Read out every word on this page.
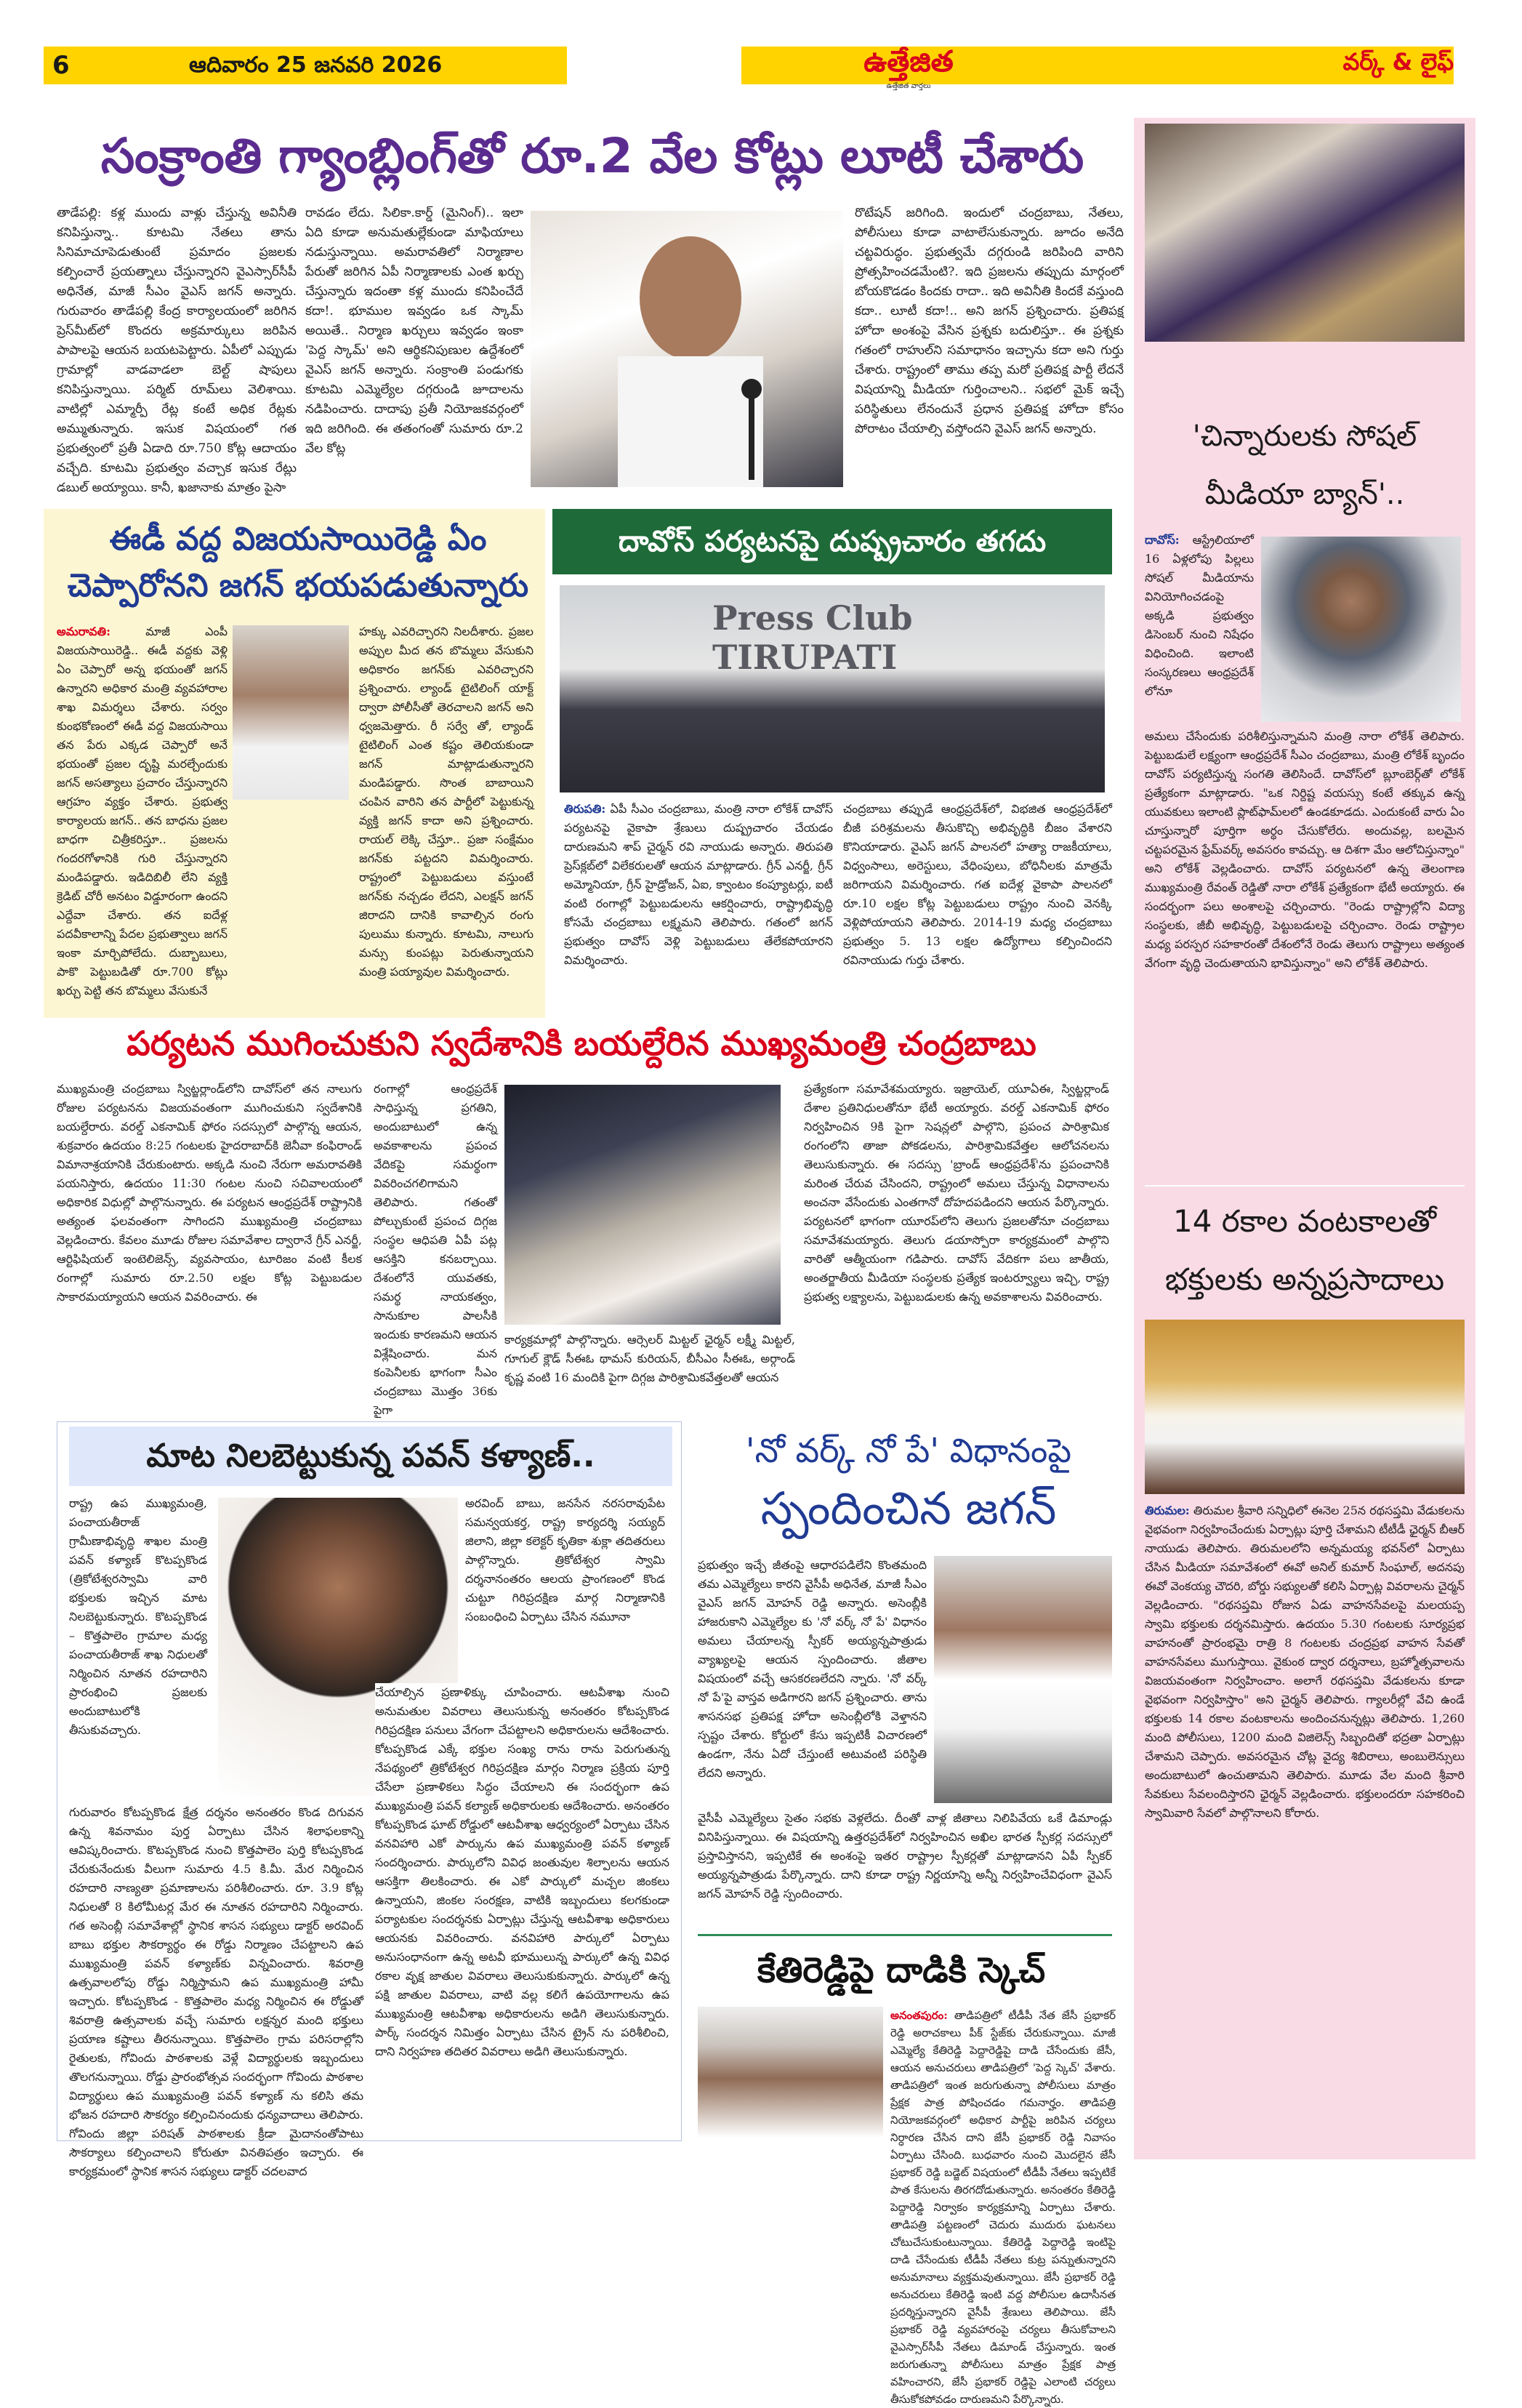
6	ఆదివారం 25 జనవరి 2026	ఉత్తేజిత
ఉత్తేజిత వార్తలు
వర్క్ & లైఫ్
సంక్రాంతి గ్యాంబ్లింగ్‌తో రూ.2 వేల కోట్లు లూటీ చేశారు
తాడేపల్లి: కళ్ల ముందు వాళ్లు చేస్తున్న అవినీతి కనిపిస్తున్నా.. కూటమి నేతలు తాను సినిమాచూపెడుతుంటే ప్రమాదం ప్రజలకు కల్పించారే ప్రయత్నాలు చేస్తున్నారని వైఎస్సార్‌సీపీ అధినేత, మాజీ సీఎం వైఎస్ జగన్ అన్నారు. గురువారం తాడేపల్లి కేంద్ర కార్యాలయంలో జరిగిన ప్రెస్‌మీట్‌లో కొందరు అక్రమార్కులు జరిపిన పాపాలపై ఆయన బయటపెట్టారు. ఏపీలో ఎప్పుడు గ్రామాల్లో వాడవాడలా బెల్ట్ షాపులు కనిపిస్తున్నాయి. పర్మిట్ రూమ్‌లు వెలిశాయి. వాటిల్లో ఎమ్మార్పీ రేట్ల కంటే అధిక రేట్లకు అమ్ముతున్నారు. ఇసుక విషయంలో గత ప్రభుత్వంలో ప్రతీ ఏడాది రూ.750 కోట్ల ఆదాయం వచ్చేది. కూటమి ప్రభుత్వం వచ్చాక ఇసుక రేట్లు డబుల్ అయ్యాయి. కానీ, ఖజానాకు మాత్రం పైసా
రావడం లేదు. సిలికా.కార్డ్ (మైనింగ్).. ఇలా ఏది కూడా అనుమతుల్లేకుండా మాఫియాలు నడుస్తున్నాయి. అమరావతిలో నిర్మాణాల పేరుతో జరిగిన ఏపీ నిర్మాణాలకు ఎంత ఖర్చు చేస్తున్నారు ఇదంతా కళ్ల ముందు కనిపించేదే కదా!. భూముల ఇవ్వడం ఒక స్కామ్ అయితే.. నిర్మాణ ఖర్చులు ఇవ్వడం ఇంకా 'పెద్ద స్కామ్' అని ఆర్థికనిపుణుల ఉద్దేశంలో వైఎస్ జగన్ అన్నారు. సంక్రాంతి పండుగకు కూటమి ఎమ్మెల్యేల దగ్గరుండి జూదాలను నడిపించారు. దాదాపు ప్రతీ నియోజకవర్గంలో ఇది జరిగింది. ఈ తతంగంతో సుమారు రూ.2 వేల కోట్ల
రొటేషన్ జరిగింది. ఇందులో చంద్రబాబు, నేతలు, పోలీసులు కూడా వాటాలేసుకున్నారు. జూదం అనేది చట్టవిరుద్ధం. ప్రభుత్వమే దగ్గరుండి జరిపింది వారిని ప్రోత్సహించడమేంటి?. ఇది ప్రజలను తప్పుదు మార్గంలో బోయకొడడం కిందకు రాదా.. ఇది అవినీతి కిందకే వస్తుంది కదా.. లూటీ కదా!.. అని జగన్ ప్రశ్నించారు. ప్రతిపక్ష హోదా అంశంపై వేసిన ప్రశ్నకు బదులిస్తూ.. ఈ ప్రశ్నకు గతంలో రాహుల్‌ని సమాధానం ఇచ్చాను కదా అని గుర్తు చేశారు. రాష్ట్రంలో తాము తప్ప మరో ప్రతిపక్ష పార్టీ లేదనే విషయాన్ని మీడియా గుర్తించాలని.. సభలో మైక్ ఇచ్చే పరిస్థితులు లేనందునే ప్రధాన ప్రతిపక్ష హోదా కోసం పోరాటం చేయాల్సి వస్తోందని వైఎస్ జగన్ అన్నారు.
ఈడీ వద్ద విజయసాయిరెడ్డి ఏం చెప్పారోనని జగన్ భయపడుతున్నారు
అమరావతి:	మాజీ ఎంపీ విజయసాయిరెడ్డి.. ఈడీ వద్దకు వెళ్లి ఏం చెప్పారో అన్న భయంతో జగన్ ఉన్నారని అధికార మంత్రి వ్యవహారాల శాఖ విమర్శలు చేశారు. సర్వం కుంభకోణంలో ఈడీ వద్ద విజయసాయి తన పేరు ఎక్కడ చెప్పారో అనే భయంతో ప్రజల దృష్టి మరల్చేందుకు జగన్ అసత్యాలు ప్రచారం చేస్తున్నారని ఆగ్రహం వ్యక్తం చేశారు. ప్రభుత్వ కార్యాలయ జగన్.. తన బాధను ప్రజల బాధగా చిత్రీకరిస్తూ.. ప్రజలను గందరగోళానికి గురి చేస్తున్నారని మండిపడ్డారు. ఇడిదిబిలీ లేని వ్యక్తి క్రెడిట్ చోరీ అనటం విడ్డూరంగా ఉందని ఎద్దేవా చేశారు. తన ఐదేళ్ల పదవీకాలాన్ని పేదల ప్రభుత్వాలు జగన్ ఇంకా మార్చిపోలేదు. దుబ్బాబులు, పాకొ పెట్టుబడితో రూ.700 కోట్లు ఖర్చు పెట్టి తన బొమ్మలు వేసుకునే
హక్కు ఎవరిచ్చారని నిలదీశారు. ప్రజల అప్పుల మీద తన బొమ్మలు వేసుకుని అధికారం జగన్‌కు ఎవరిచ్చారని ప్రశ్నించారు. ల్యాండ్ టైటిలింగ్ యాక్ట్ ద్వారా పోలీసీతో తెరచాలని జగన్ అని ధ్వజమెత్తారు. రీ సర్వే తో, ల్యాండ్ టైటిలింగ్ ఎంత కష్టం తెలియకుండా జగన్ మాట్లాడుతున్నారని మండిపడ్డారు. సొంత బాబాయిని చంపిన వారిని తన పార్టీలో పెట్టుకున్న వ్యక్తి జగన్ కాదా అని ప్రశ్నించారు. రాయల్ లెక్కి చేస్తూ.. ప్రజా సంక్షేమం జగన్‌కు పట్టదని విమర్శించారు. రాష్ట్రంలో పెట్టుబడులు వస్తుంటే జగన్‌కు నచ్చడం లేదని, ఎలక్షన్ జగన్ జిరాదని దానికి కావాల్సిన రంగు పులుము కున్నారు. కూటమి, నాలుగు మన్సు కుంపట్లు పెరుతున్నాయని మంత్రి పయ్యావుల విమర్శించారు.
దావోస్ పర్యటనపై దుష్ప్రచారం తగదు
Press Club TIRUPATI
తిరుపతి: ఏపీ సీఎం చంద్రబాబు, మంత్రి నారా లోకేశ్ దావోస్ పర్యటనపై వైకాపా శ్రేణులు దుష్ప్రచారం చేయడం దారుణమని శాప్ చైర్మన్ రవి నాయుడు అన్నారు. తిరుపతి ప్రెస్‌క్లబ్‌లో విలేకరులతో ఆయన మాట్లాడారు. గ్రీన్ ఎనర్జీ, గ్రీన్ అమ్మోనియా, గ్రీన్ హైడ్రోజన్, ఏఐ, క్వాంటం కంప్యూటర్లు, ఐటీ వంటి రంగాల్లో పెట్టుబడులను ఆకర్షించారు, రాష్ట్రాభివృద్ధి కోసమే చంద్రబాబు లక్ష్మమని తెలిపారు. గతంలో జగన్ ప్రభుత్వం దావోస్ వెళ్లి పెట్టుబడులు తేలేకపోయారని విమర్శించారు.
చంద్రబాబు తప్పుడే ఆంధ్రప్రదేశ్‌లో, విభజిత ఆంధ్రప్రదేశ్‌లో బీజీ పరిశ్రమలను తీసుకొచ్చి అభివృద్ధికి బీజం వేశారని కొనియాడారు. వైఎస్ జగన్ పాలనలో హత్యా రాజకీయాలు, విధ్వంసాలు, అరెస్టులు, వేధింపులు, బోధినీలకు మాత్రమే జరిగాయని విమర్శించారు. గత ఐదేళ్ల వైకాపా పాలనలో రూ.10 లక్షల కోట్ల పెట్టుబడులు రాష్ట్రం నుంచి వెనక్కి వెళ్లిపోయాయని తెలిపారు. 2014-19 మధ్య చంద్రబాబు ప్రభుత్వం 5. 13 లక్షల ఉద్యోగాలు కల్పించిందని రవినాయుడు గుర్తు చేశారు.
పర్యటన ముగించుకుని స్వదేశానికి బయల్దేరిన ముఖ్యమంత్రి చంద్రబాబు
ముఖ్యమంత్రి చంద్రబాబు స్విట్జర్లాండ్‌లోని దావోస్‌లో తన నాలుగు రోజుల పర్యటనను విజయవంతంగా ముగించుకుని స్వదేశానికి బయల్దేరారు. వరల్డ్ ఎకనామిక్ ఫోరం సదస్సులో పాల్గొన్న ఆయన, శుక్రవారం ఉదయం 8:25 గంటలకు హైదరాబాద్‌కి జెనీవా కంఫిరాండ్ విమానాశ్రయానికి చేరుకుంటారు. అక్కడి నుంచి నేరుగా అమరావతికి పయనిస్తారు, ఉదయం 11:30 గంటల నుంచి సచివాలయంలో అధికారిక విధుల్లో పాల్గొనున్నారు. ఈ పర్యటన ఆంధ్రప్రదేశ్ రాష్ట్రానికి అత్యంత ఫలవంతంగా సాగిందని ముఖ్యమంత్రి చంద్రబాబు వెల్లడించారు. కేవలం మూడు రోజుల సమావేశాల ద్వారానే గ్రీన్ ఎనర్జీ, ఆర్టిఫిషియల్ ఇంటెలిజెన్స్, వ్యవసాయం, టూరిజం వంటి కీలక రంగాల్లో సుమారు రూ.2.50 లక్షల కోట్ల పెట్టుబడుల సాకారమయ్యాయని ఆయన వివరించారు. ఈ
రంగాల్లో ఆంధ్రప్రదేశ్ సాధిస్తున్న ప్రగతిని, అందుబాటులో ఉన్న అవకాశాలను ప్రపంచ వేదికపై సమర్థంగా వివరించగలిగామని తెలిపారు. గతంతో పోల్చుకుంటే ప్రపంచ దిగ్గజ సంస్థల ఆధిపతి ఏపీ పట్ల ఆసక్తిని కనబర్చాయి. దేశంలోనే యువతకు, సమర్థ నాయకత్వం, సానుకూల పాలసీకి ఇందుకు కారణమని ఆయన విశ్లేషించారు. మన కంపెనీలకు భాగంగా సీఎం చంద్రబాబు మొత్తం 36కు పైగా
కార్యక్రమాల్లో పాల్గొన్నారు. ఆర్సెలర్ మిట్టల్ ఛైర్మన్ లక్ష్మీ మిట్టల్, గూగుల్ క్లౌడ్ సీఈఓ థామస్ కురియన్, బీసీఎం సీఈఓ, అర్గాండ్ కృష్ణ వంటి 16 మందికి పైగా దిగ్గజ పారిశ్రామికవేత్తలతో ఆయన
ప్రత్యేకంగా సమావేశమయ్యారు. ఇజ్రాయెల్, యూఏఈ, స్విట్జర్లాండ్ దేశాల ప్రతినిధులతోనూ భేటీ అయ్యారు. వరల్డ్ ఎకనామిక్ ఫోరం నిర్వహించిన 9కి పైగా సెషన్లలో పాల్గొని, ప్రపంచ పారిశ్రామిక రంగంలోని తాజా పోకడలను, పారిశ్రామికవేత్తల ఆలోచనలను తెలుసుకున్నారు. ఈ సదస్సు 'బ్రాండ్ ఆంధ్రప్రదేశ్'ను ప్రపంచానికి మరింత చేరువ చేసిందని, రాష్ట్రంలో అమలు చేస్తున్న విధానాలను అంచనా వేసేందుకు ఎంతగానో దోహదపడిందని ఆయన పేర్కొన్నారు. పర్యటనలో భాగంగా యూరప్‌లోని తెలుగు ప్రజలతోనూ చంద్రబాబు సమావేశమయ్యారు. తెలుగు డయాస్పోరా కార్యక్రమంలో పాల్గొని వారితో ఆత్మీయంగా గడిపారు. దావోస్ వేదికగా పలు జాతీయ, అంతర్జాతీయ మీడియా సంస్థలకు ప్రత్యేక ఇంటర్వ్యూలు ఇచ్చి, రాష్ట్ర ప్రభుత్వ లక్ష్యాలను, పెట్టుబడులకు ఉన్న అవకాశాలను వివరించారు.
మాట నిలబెట్టుకున్న పవన్ కళ్యాణ్..
రాష్ట్ర ఉప ముఖ్యమంత్రి, పంచాయతీరాజ్ గ్రామీణాభివృద్ధి శాఖల మంత్రి పవన్ కళ్యాణ్ కొటప్పకొండ (త్రికోటేశ్వరస్వామి వారి భక్తులకు ఇచ్చిన మాట నిలబెట్టుకున్నారు. కొటప్పకొండ – కొత్తపాలెం గ్రామాల మధ్య పంచాయతీరాజ్ శాఖ నిధులతో నిర్మించిన నూతన రహదారిని ప్రారంభించి ప్రజలకు అందుబాటులోకి తీసుకువచ్చారు.
అరవింద్ బాబు, జనసేన నరసరావుపేట సమన్వయకర్త, రాష్ట్ర కార్యదర్శి సయ్యద్ జిలాని, జిల్లా కలెక్టర్ కృతికా శుక్లా తదితరులు పాల్గొన్నారు. త్రికోటేశ్వర స్వామి దర్శనానంతరం ఆలయ ప్రాంగణంలో కొండ చుట్టూ గిరిప్రదక్షిణ మార్గ నిర్మాణానికి సంబంధించి ఏర్పాటు చేసిన నమూనా
గురువారం కోటప్పకొండ క్షేత్ర దర్శనం అనంతరం కొండ దిగువన ఉన్న శివనామం పుర్త ఏర్పాటు చేసిన శిలాఫలకాన్ని ఆవిష్కరించారు. కొటప్పకొండ నుంచి కొత్తపాలెం పుర్తి కోటప్పకొండ చేరుకునేందుకు వీలుగా సుమారు 4.5 కి.మీ. మేర నిర్మించిన రహదారి నాణ్యతా ప్రమాణాలను పరిశీలించారు. రూ. 3.9 కోట్ల నిధులతో 8 కిలోమీటర్ల మేర ఈ నూతన రహదారిని నిర్మించారు. గత అసెంబ్లీ సమావేశాల్లో స్థానిక శాసన సభ్యులు డాక్టర్ అరవింద్ బాబు భక్తుల సౌకర్యార్థం ఈ రోడ్డు నిర్మాణం చేపట్టాలని ఉప ముఖ్యమంత్రి పవన్ కళ్యాణ్‌కు విన్నవించారు. శివరాత్రి ఉత్సవాలలోపు రోడ్డు నిర్మిస్తామని ఉప ముఖ్యమంత్రి హామీ ఇచ్చారు. కోటప్పకొండ - కొత్తపాలెం మధ్య నిర్మించిన ఈ రోడ్డుతో శివరాత్రి ఉత్సవాలకు వచ్చే సుమారు లక్షన్నర మంది భక్తులు ప్రయాణ కష్టాలు తీరనున్నాయి. కొత్తపాలెం గ్రామ పరిసరాల్లోని రైతులకు, గోవిందు పాఠశాలకు వెళ్లే విద్యార్థులకు ఇబ్బందులు తొలగనున్నాయి. రోడ్డు ప్రారంభోత్సవ సందర్భంగా గోవిందు పాఠశాల విద్యార్థులు ఉప ముఖ్యమంత్రి పవన్ కళ్యాణ్ ను కలిసి తమ భోజన రహదారి సౌకర్యం కల్పించినందుకు ధన్యవాదాలు తెలిపారు. గోవిందు జిల్లా పరిషత్ పాఠశాలకు క్రీడా మైదానంతోపాటు సౌకర్యాలు కల్పించాలని కోరుతూ వినతిపత్రం ఇచ్చారు. ఈ కార్యక్రమంలో స్థానిక శాసన సభ్యులు డాక్టర్ చదలవాద
చేయాల్సిన ప్రణాళిక్కు చూపించారు. ఆటవీశాఖ నుంచి అనుమతుల వివరాలు తెలుసుకున్న అనంతరం కోటప్పకొండ గిరిప్రదక్షిణ పనులు వేగంగా చేపట్టాలని అధికారులను ఆదేశించారు. కోటప్పకొండ ఎక్కే భక్తుల సంఖ్య రాను రాను పెరుగుతున్న నేపథ్యంలో త్రికోటేశ్వర గిరిప్రదక్షిణ మార్గం నిర్మాణ ప్రక్రియ పూర్తి చేసేలా ప్రణాళికలు సిద్ధం చేయాలని ఈ సందర్భంగా ఉప ముఖ్యమంత్రి పవన్ కల్యాణ్ అధికారులకు ఆదేశించారు. అనంతరం కోటప్పకొండ ఘాట్ రోడ్డులో ఆటవీశాఖ ఆధ్వర్యంలో ఏర్పాటు చేసిన వనవిహారి ఎకో పార్కును ఉప ముఖ్యమంత్రి పవన్ కళ్యాణ్ సందర్శించారు. పార్కులోని వివిధ జంతువుల శిల్పాలను ఆయన ఆసక్తిగా తిలకించారు. ఈ ఎకో పార్కులో మచ్చల జింకలు ఉన్నాయని, జింకల సంరక్షణ, వాటికి ఇబ్బందులు కలగకుండా పర్యాటకుల సందర్శనకు ఏర్పాట్లు చేస్తున్న ఆటవీశాఖ అధికారులు ఆయనకు వివరించారు. వనవిహారి పార్కులో ఏర్పాటు అనుసంధానంగా ఉన్న అటవీ భూములున్న పార్కులో ఉన్న వివిధ రకాల వృక్ష జాతుల వివరాలు తెలుసుకుకున్నారు. పార్కులో ఉన్న పక్షి జాతుల వివరాలు, వాటి వల్ల కలిగే ఉపయోగాలను ఉప ముఖ్యమంత్రి ఆటవీశాఖ అధికారులను అడిగి తెలుసుకున్నారు. పార్క్ సందర్శన నిమిత్తం ఏర్పాటు చేసిన ట్రైన్ ను పరిశీలించి, దాని నిర్వహణ తదితర వివరాలు అడిగి తెలుసుకున్నారు.
'నో వర్క్ నో పే' విధానంపై
స్పందించిన జగన్
ప్రభుత్వం ఇచ్చే జీతంపై ఆధారపడిలేని కొంతమంది తమ ఎమ్మెల్యేలు కారని వైసీపీ అధినేత, మాజీ సీఎం వైఎస్ జగన్ మోహన్ రెడ్డి అన్నారు. అసెంబ్లీకి హాజరుకాని ఎమ్మెల్యేల కు 'నో వర్క్ నో పే' విధానం అమలు చేయాలన్న స్పీకర్ అయ్యన్నపాత్రుడు వ్యాఖ్యలపై ఆయన స్పందించారు. జీతాల విషయంలో వచ్చే ఆసకరణలేదని న్నారు. 'నో వర్క్ నో పే'పై వాస్తవ అడిగారని జగన్ ప్రశ్నించారు. తాను శాసనసభ ప్రతిపక్ష హోదా అసెంబ్లీలోకి వెళ్తానని స్పష్టం చేశారు. కోర్టులో కేసు ఇప్పటికీ విచారణలో ఉండగా, నేను ఏదో చేస్తుంటే అటువంటి పరిస్థితి లేదని అన్నారు.
వైసీపీ ఎమ్మెల్యేలు సైతం సభకు వెళ్లలేదు. దీంతో వాళ్ల జీతాలు నిలిపివేయ ఒకే డిమాండ్లు వినిపిస్తున్నాయి. ఈ విషయాన్ని ఉత్తరప్రదేశ్‌లో నిర్వహించిన అఖిల భారత స్పీకర్ల సదస్సులో ప్రస్తావిస్తానని, ఇప్పటికే ఈ అంశంపై ఇతర రాష్ట్రాల స్పీకర్లతో మాట్లాడానని ఏపీ స్పీకర్ అయ్యన్నపాత్రుడు పేర్కొన్నారు. దాని కూడా రాష్ట్ర నిర్ణయాన్ని అన్నీ నిర్వహించేవిధంగా వైఎస్ జగన్ మోహన్ రెడ్డి స్పందించారు.
కేతిరెడ్డిపై దాడికి స్కెచ్
అనంతపురం: తాడిపత్రిలో టీడీపీ నేత జేసీ ప్రభాకర్ రెడ్డి అరాచకాలు పీక్ స్టేజ్‌కు చేరుకున్నాయి. మాజీ ఎమ్మెల్యే కేతిరెడ్డి పెద్దారెడ్డిపై దాడి చేసేందుకు జేసీ, ఆయన అనుచరులు తాడిపత్రిలో 'పెద్ద స్కెచ్' వేశారు. తాడిపత్రిలో ఇంత జరుగుతున్నా పోలీసులు మాత్రం ప్రేక్షక పాత్ర పోషించడం గమనార్హం. తాడిపత్రి నియోజకవర్గంలో అధికార పార్టీపై జరిపిన చర్యలు నిర్ధారణ చేసిన దాని జేసీ ప్రభాకర్ రెడ్డి నివాసం ఏర్పాటు చేసింది. బుధవారం నుంచి మొదలైన జేసీ ప్రభాకర్ రెడ్డి బడ్జెట్ విషయంలో టీడీపీ నేతలు ఇప్పటికే పాత కేసులను తిరగదోడుతున్నారు. అనంతరం కేతిరెడ్డి పెద్దారెడ్డి నిర్వాకం కార్యక్రమాన్ని ఏర్పాటు చేశారు. తాడిపత్రి పట్టణంలో చెదురు ముదురు ఘటనలు చోటుచేసుకుంటున్నాయి. కేతిరెడ్డి పెద్దారెడ్డి ఇంటిపై దాడి చేసేందుకు టీడీపీ నేతలు కుట్ర పన్నుతున్నారని అనుమానాలు వ్యక్తమవుతున్నాయి. జేసీ ప్రభాకర్ రెడ్డి అనుచరులు కేతిరెడ్డి ఇంటి వద్ద పోలీసుల ఉదాసీనత ప్రదర్శిస్తున్నారని వైసీపీ శ్రేణులు తెలిపాయి. జేసీ ప్రభాకర్ రెడ్డి వ్యవహారంపై చర్యలు తీసుకోవాలని వైఎస్సార్‌సీపీ నేతలు డిమాండ్ చేస్తున్నారు. ఇంత జరుగుతున్నా పోలీసులు మాత్రం ప్రేక్షక పాత్ర వహించారని, జేసీ ప్రభాకర్ రెడ్డిపై ఎలాంటి చర్యలు తీసుకోకపోవడం దారుణమని పేర్కొన్నారు.
'చిన్నారులకు సోషల్
మీడియా బ్యాన్'..
దావోస్: ఆస్ట్రేలియాలో 16 ఏళ్లలోపు పిల్లలు సోషల్ మీడియాను వినియోగించడంపై అక్కడి ప్రభుత్వం డిసెంబర్ నుంచి నిషేధం విధించింది. ఇలాంటి సంస్కరణలు ఆంధ్రప్రదేశ్ లోనూ
అమలు చేసేందుకు పరిశీలిస్తున్నామని మంత్రి నారా లోకేశ్ తెలిపారు. పెట్టుబడులే లక్ష్యంగా ఆంధ్రప్రదేశ్ సీఎం చంద్రబాబు, మంత్రి లోకేశ్ బృందం దావోస్ పర్యటిస్తున్న సంగతి తెలిసిందే. దావోస్‌లో బ్లూంబెర్గ్‌తో లోకేశ్ ప్రత్యేకంగా మాట్లాడారు. "ఒక నిర్దిష్ట వయస్సు కంటే తక్కువ ఉన్న యువకులు ఇలాంటి ప్లాట్‌ఫామ్‌లలో ఉండకూడదు. ఎందుకంటే వారు ఏం చూస్తున్నారో పూర్తిగా అర్థం చేసుకోలేరు. అందువల్ల, బలమైన చట్టపరమైన ఫ్రేమ్‌వర్క్ అవసరం కావచ్చు. ఆ దిశగా మేం ఆలోచిస్తున్నాం" అని లోకేశ్ వెల్లడించారు. దావోస్ పర్యటనలో ఉన్న తెలంగాణ ముఖ్యమంత్రి రేవంత్ రెడ్డితో నారా లోకేశ్ ప్రత్యేకంగా భేటీ అయ్యారు. ఈ సందర్భంగా పలు అంశాలపై చర్చించారు. "రెండు రాష్ట్రాల్లోని విద్యా సంస్థలకు, జీబీ అభివృద్ధి, పెట్టుబడులపై చర్చించాం. రెండు రాష్ట్రాల మధ్య పరస్పర సహకారంతో దేశంలోనే రెండు తెలుగు రాష్ట్రాలు అత్యంత వేగంగా వృద్ధి చెందుతాయని భావిస్తున్నాం" అని లోకేశ్ తెలిపారు.
14 రకాల వంటకాలతో
భక్తులకు అన్నప్రసాదాలు
తిరుమల: తిరుమల శ్రీవారి సన్నిధిలో ఈనెల 25న రథసప్తమి వేడుకలను వైభవంగా నిర్వహించేందుకు ఏర్పాట్లు పూర్తి చేశామని టీటీడీ ఛైర్మన్ బీఆర్ నాయుడు తెలిపారు. తిరుమలలోని అన్నమయ్య భవన్‌లో ఏర్పాటు చేసిన మీడియా సమావేశంలో ఈవో అనిల్ కుమార్ సింఘాల్, అదనపు ఈవో వెంకయ్య చౌదరి, బోర్డు సభ్యులతో కలిసి ఏర్పాట్ల వివరాలను చైర్మన్ వెల్లడించారు. "రథసప్తమి రోజున ఏడు వాహనసేవలపై మలయప్ప స్వామి భక్తులకు దర్శనమిస్తారు. ఉదయం 5.30 గంటలకు సూర్యప్రభ వాహనంతో ప్రారంభమై రాత్రి 8 గంటలకు చంద్రప్రభ వాహన సేవతో వాహనసేవలు ముగుస్తాయి. వైకుంఠ ద్వార దర్శనాలు, బ్రహ్మోత్సవాలను విజయవంతంగా నిర్వహించాం. అలాగే రథసప్తమి వేడుకలను కూడా వైభవంగా నిర్వహిస్తాం" అని చైర్మన్ తెలిపారు. గ్యాలరీల్లో వేచి ఉండే భక్తులకు 14 రకాల వంటకాలను అందించనున్నట్లు తెలిపారు. 1,260 మంది పోలీసులు, 1200 మంది విజిలెన్స్ సిబ్బందితో భద్రతా ఏర్పాట్లు చేశామని చెప్పారు. అవసరమైన చోట్ల వైద్య శిబిరాలు, అంబులెన్సులు అందుబాటులో ఉంచుతామని తెలిపారు. మూడు వేల మంది శ్రీవారి సేవకులు సేవలందిస్తారని ఛైర్మన్ వెల్లడించారు. భక్తులందరూ సహకరించి స్వామివారి సేవలో పాల్గొనాలని కోరారు.
